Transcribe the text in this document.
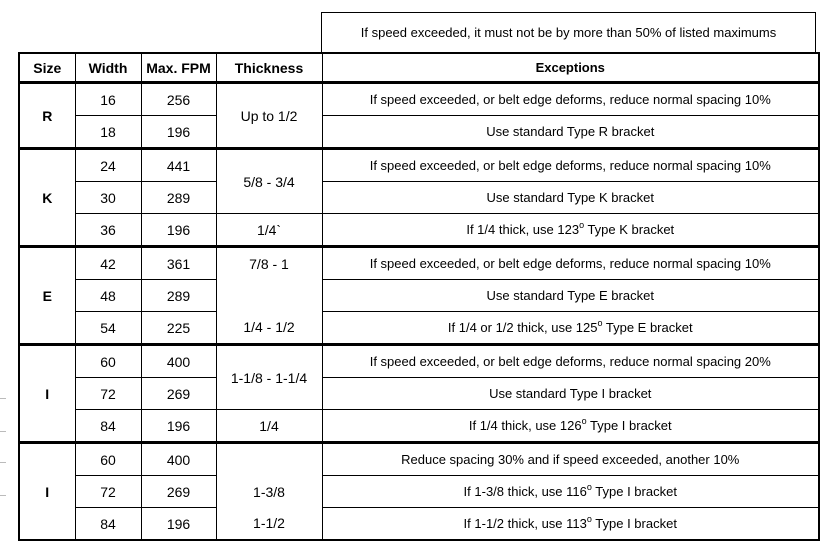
If speed exceeded, it must not be by more than 50% of listed maximums
Size	Width	Max. FPM	Thickness	Exceptions
R	16	256	Up to 1/2	If speed exceeded, or belt edge deforms, reduce normal spacing 10%
	18	196		Use standard Type R bracket
K	24	441	5/8 - 3/4	If speed exceeded, or belt edge deforms, reduce normal spacing 10%
	30	289		Use standard Type K bracket
	36	196	1/4`	If 1/4 thick, use 123$^o$ Type K bracket
E	42	361	7/8 - 1	If speed exceeded, or belt edge deforms, reduce normal spacing 10%
	48	289		Use standard Type E bracket
	54	225	1/4 - 1/2	If 1/4 or 1/2 thick, use 125$^o$ Type E bracket
I	60	400	1-1/8 - 1-1/4	If speed exceeded, or belt edge deforms, reduce normal spacing 20%
	72	269		Use standard Type I bracket
	84	196	1/4	If 1/4 thick, use 126$^o$ Type I bracket
I	60	400		Reduce spacing 30% and if speed exceeded, another 10%
	72	269	1-3/8	If 1-3/8 thick, use 116$^o$ Type I bracket
	84	196	1-1/2	If 1-1/2 thick, use 113$^o$ Type I bracket
